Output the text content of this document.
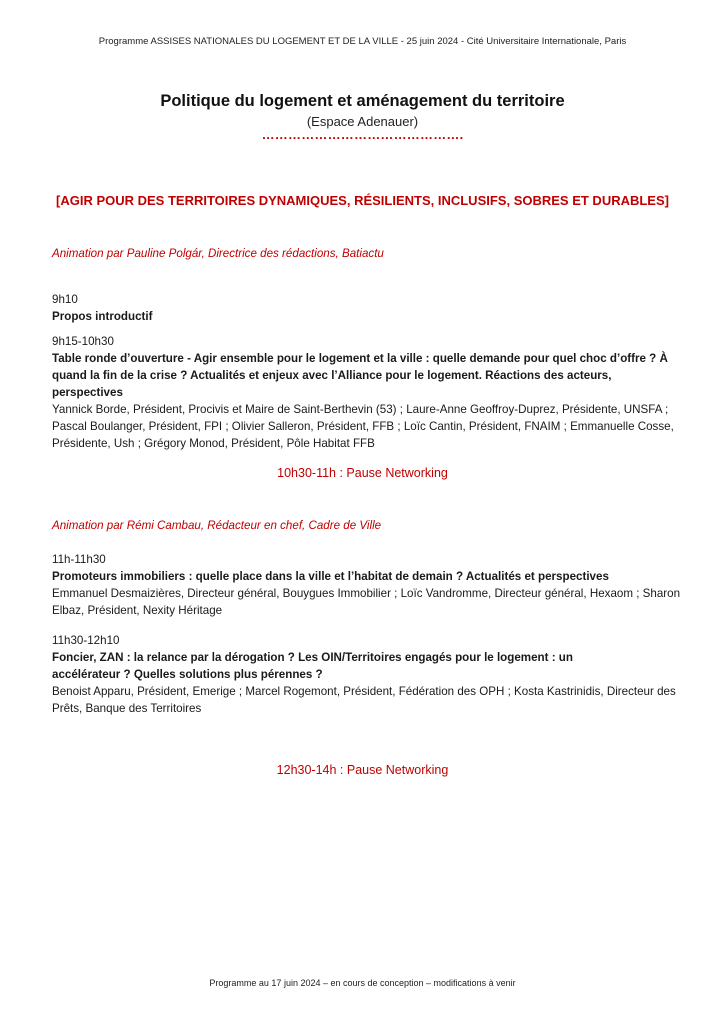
Programme ASSISES NATIONALES DU LOGEMENT ET DE LA VILLE - 25 juin 2024 - Cité Universitaire Internationale, Paris
Politique du logement et aménagement du territoire
(Espace Adenauer)
……………………………………….
[AGIR POUR DES TERRITOIRES DYNAMIQUES, RÉSILIENTS, INCLUSIFS, SOBRES ET DURABLES]
Animation par Pauline Polgár, Directrice des rédactions, Batiactu
9h10
Propos introductif
9h15-10h30
Table ronde d’ouverture - Agir ensemble pour le logement et la ville : quelle demande pour quel choc d’offre ? À quand la fin de la crise ? Actualités et enjeux avec l’Alliance pour le logement. Réactions des acteurs, perspectives
Yannick Borde, Président, Procivis et Maire de Saint-Berthevin (53) ; Laure-Anne Geoffroy-Duprez, Présidente, UNSFA ; Pascal Boulanger, Président, FPI ; Olivier Salleron, Président, FFB ; Loïc Cantin, Président, FNAIM ; Emmanuelle Cosse, Présidente, Ush ; Grégory Monod, Président, Pôle Habitat FFB
10h30-11h : Pause Networking
Animation par Rémi Cambau, Rédacteur en chef, Cadre de Ville
11h-11h30
Promoteurs immobiliers : quelle place dans la ville et l’habitat de demain ? Actualités et perspectives
Emmanuel Desmaizières, Directeur général, Bouygues Immobilier ; Loïc Vandromme, Directeur général, Hexaom ; Sharon Elbaz, Président, Nexity Héritage
11h30-12h10
Foncier, ZAN : la relance par la dérogation ? Les OIN/Territoires engagés pour le logement : un
accélérateur ? Quelles solutions plus pérennes ?
Benoist Apparu, Président, Emerige ; Marcel Rogemont, Président, Fédération des OPH ; Kosta Kastrinidis, Directeur des Prêts, Banque des Territoires
12h30-14h : Pause Networking
Programme au 17 juin 2024 – en cours de conception – modifications à venir
